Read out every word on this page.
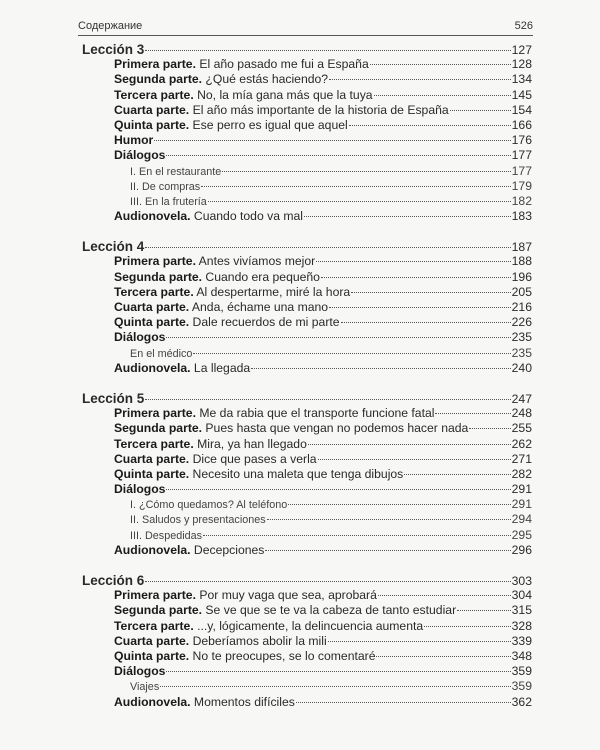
Содержание	526
Lección 3	127
Primera parte. El año pasado me fui a España	128
Segunda parte. ¿Qué estás haciendo?	134
Tercera parte. No, la mía gana más que la tuya	145
Cuarta parte. El año más importante de la historia de España	154
Quinta parte. Ese perro es igual que aquel	166
Humor	176
Diálogos	177
I. En el restaurante	177
II. De compras	179
III. En la frutería	182
Audionovela. Cuando todo va mal	183
Lección 4	187
Primera parte. Antes vivíamos mejor	188
Segunda parte. Cuando era pequeño	196
Tercera parte. Al despertarme, miré la hora	205
Cuarta parte. Anda, échame una mano	216
Quinta parte. Dale recuerdos de mi parte	226
Diálogos	235
En el médico	235
Audionovela. La llegada	240
Lección 5	247
Primera parte. Me da rabia que el transporte funcione fatal	248
Segunda parte. Pues hasta que vengan no podemos hacer nada	255
Tercera parte. Mira, ya han llegado	262
Cuarta parte. Dice que pases a verla	271
Quinta parte. Necesito una maleta que tenga dibujos	282
Diálogos	291
I. ¿Cómo quedamos? Al teléfono	291
II. Saludos y presentaciones	294
III. Despedidas	295
Audionovela. Decepciones	296
Lección 6	303
Primera parte. Por muy vaga que sea, aprobará	304
Segunda parte. Se ve que se te va la cabeza de tanto estudiar	315
Tercera parte. ...y, lógicamente, la delincuencia aumenta	328
Cuarta parte. Deberíamos abolir la mili	339
Quinta parte. No te preocupes, se lo comentaré	348
Diálogos	359
Viajes	359
Audionovela. Momentos difíciles	362
